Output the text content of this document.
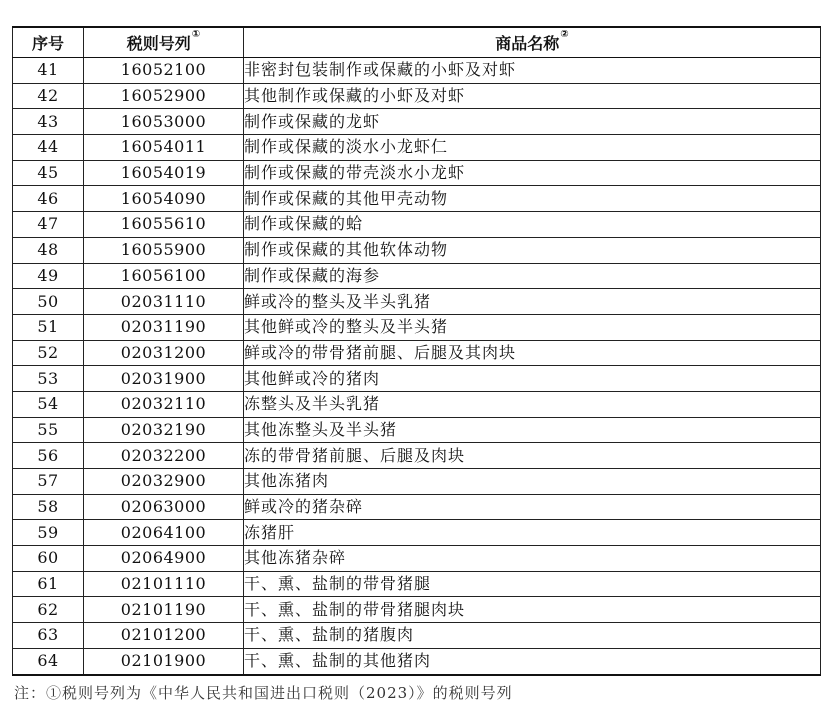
序号	税则号列①	商品名称②
41	16052100	非密封包装制作或保藏的小虾及对虾
42	16052900	其他制作或保藏的小虾及对虾
43	16053000	制作或保藏的龙虾
44	16054011	制作或保藏的淡水小龙虾仁
45	16054019	制作或保藏的带壳淡水小龙虾
46	16054090	制作或保藏的其他甲壳动物
47	16055610	制作或保藏的蛤
48	16055900	制作或保藏的其他软体动物
49	16056100	制作或保藏的海参
50	02031110	鲜或冷的整头及半头乳猪
51	02031190	其他鲜或冷的整头及半头猪
52	02031200	鲜或冷的带骨猪前腿、后腿及其肉块
53	02031900	其他鲜或冷的猪肉
54	02032110	冻整头及半头乳猪
55	02032190	其他冻整头及半头猪
56	02032200	冻的带骨猪前腿、后腿及肉块
57	02032900	其他冻猪肉
58	02063000	鲜或冷的猪杂碎
59	02064100	冻猪肝
60	02064900	其他冻猪杂碎
61	02101110	干、熏、盐制的带骨猪腿
62	02101190	干、熏、盐制的带骨猪腿肉块
63	02101200	干、熏、盐制的猪腹肉
64	02101900	干、熏、盐制的其他猪肉
注：①税则号列为《中华人民共和国进出口税则（2023）》的税则号列
